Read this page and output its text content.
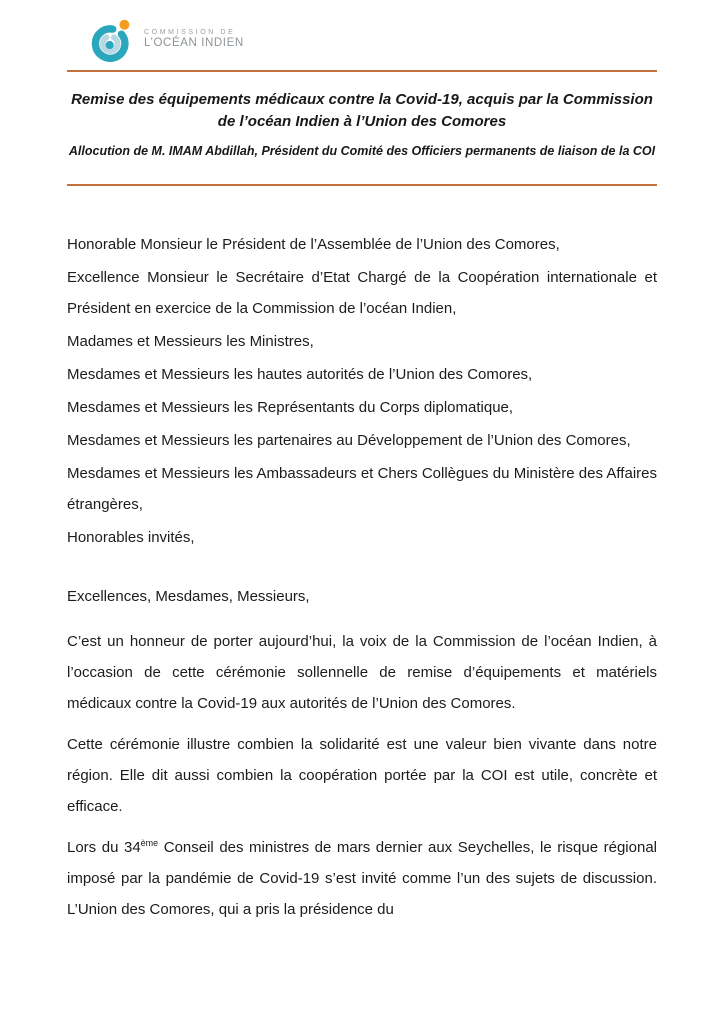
COMMISSION DE
L’OCÉAN INDIEN
Remise des équipements médicaux contre la Covid-19, acquis par la Commission de l’océan Indien à l’Union des Comores
Allocution de M. IMAM Abdillah, Président du Comité des Officiers permanents de liaison de la COI

Honorable Monsieur le Président de l’Assemblée de l’Union des Comores,

Excellence Monsieur le Secrétaire d’Etat Chargé de la Coopération internationale et Président en exercice de la Commission de l’océan Indien,

Madames et Messieurs les Ministres,

Mesdames et Messieurs les hautes autorités de l’Union des Comores,

Mesdames et Messieurs les Représentants du Corps diplomatique,

Mesdames et Messieurs les partenaires au Développement de l’Union des Comores,

Mesdames et Messieurs les Ambassadeurs et Chers Collègues du Ministère des Affaires étrangères,

Honorables invités,

Excellences, Mesdames, Messieurs,

C’est un honneur de porter aujourd’hui, la voix de la Commission de l’océan Indien, à l’occasion de cette cérémonie sollennelle de remise d’équipements et matériels médicaux contre la Covid-19 aux autorités de l’Union des Comores.

Cette cérémonie illustre combien la solidarité est une valeur bien vivante dans notre région. Elle dit aussi combien la coopération portée par la COI est utile, concrète et efficace.

Lors du 34ème Conseil des ministres de mars dernier aux Seychelles, le risque régional imposé par la pandémie de Covid-19 s’est invité comme l’un des sujets de discussion. L’Union des Comores, qui a pris la présidence du
